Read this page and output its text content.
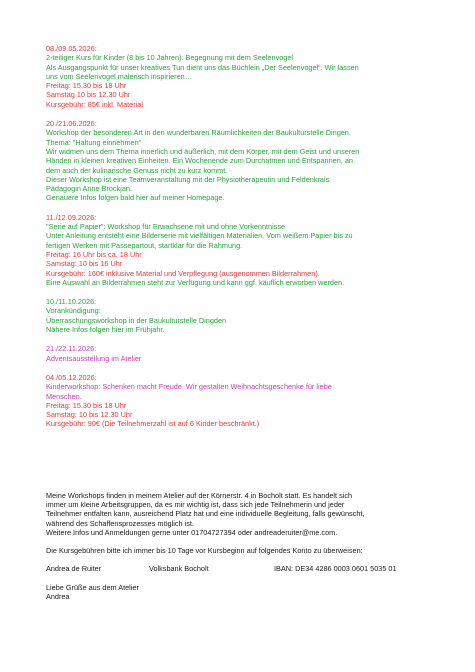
08./09.05.2026:
2-teiliger Kurs für Kinder (8 bis 10 Jahren): Begegnung mit dem Seelenvogel
Als Ausgangspunkt für unser kreatives Tun dient uns das Büchlein „Der Seelenvogel“. Wir lassen
uns vom Seelenvogel malerisch inspirieren…
Freitag: 15.30 bis 18 Uhr
Samstag 10 bis 12.30 Uhr
Kursgebühr: 85€ inkl. Material
20./21.06.2026:
Workshop der besonderen Art in den wunderbaren Räumlichkeiten der Baukulturstelle Dingen.
Thema: "Haltung einnehmen"
Wir widmen uns dem Thema innerlich und äußerlich, mit dem Körper, mit dem Geist und unseren
Händen in kleinen kreativen Einheiten. Ein Wochenende zum Durchatmen und Entspannen, an
dem auch der kulinarische Genuss nicht zu kurz kommt.
Dieser Workshop ist eine Teamveranstaltung mit der Physiotherapeutin und Feldenkrais
Pädagogin Anne Brockjan.
Genauere Infos folgen bald hier auf meiner Homepage.
11./12.09.2026:
"Serie auf Papier": Workshop für Erwachsene mit und ohne Vorkenntnisse
Unter Anleitung entsteht eine Bilderserie mit vielfältigen Materialien. Vom weißem Papier bis zu
fertigen Werken mit Passepartout, startklar für die Rahmung.
Freitag: 16 Uhr bis ca. 18 Uhr
Samstag: 10 bis 16 Uhr
Kursgebühr: 160€ inklusive Material und Verpflegung (ausgenommen Bilderrahmen).
Eine Auswahl an Bilderrahmen steht zur Verfügung und kann ggf. käuflich erworben werden.
10./11.10.2026:
Vorankündigung:
Überraschungsworkshop in der Baukulturstelle Dingden
Nähere Infos folgen hier im Frühjahr.
21./22.11.2026:
Adventsausstellung im Atelier
04./05.12.2026:
Kinderworkshop: Schenken macht Freude. Wir gestalten Weihnachtsgeschenke für liebe
Menschen.
Freitag: 15.30 bis 18 Uhr
Samstag: 10 bis 12.30 Uhr
Kursgebühr: 90€ (Die Teilnehmerzahl ist auf 6 Kinder beschränkt.)
Meine Workshops finden in meinem Atelier auf der Körnerstr. 4 in Bocholt statt. Es handelt sich
immer um kleine Arbeitsgruppen, da es mir wichtig ist, dass sich jede Teilnehmerin und jeder
Teilnehmer entfalten kann, ausreichend Platz hat und eine individuelle Begleitung, falls gewünscht,
während des Schaffensprozesses möglich ist.
Weitere Infos und Anmeldungen gerne unter 01704727394 oder andreaderuiter@me.com.
Die Kursgebühren bitte ich immer bis 10 Tage vor Kursbeginn auf folgendes Konto zu überweisen:
Andrea de Ruiter	Volksbank Bocholt	IBAN: DE34 4286 0003 0601 5035 01
Liebe Grüße aus dem Atelier
Andrea
